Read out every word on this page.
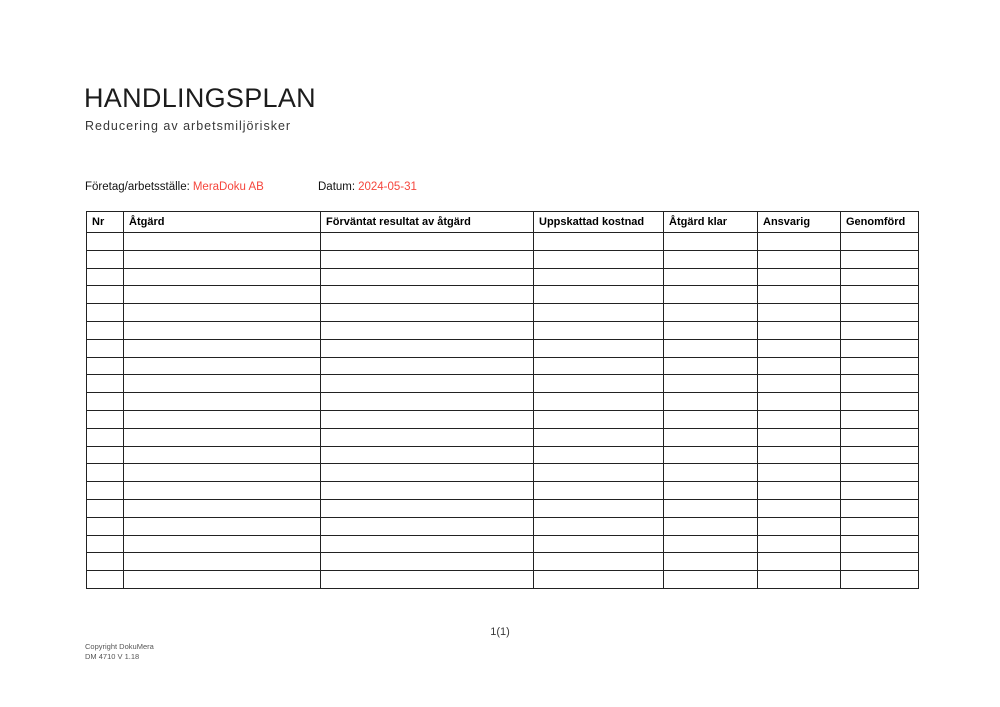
HANDLINGSPLAN
Reducering av arbetsmiljörisker
Företag/arbetsställe: MeraDoku AB	Datum: 2024-05-31
Nr	Åtgärd	Förväntat resultat av åtgärd	Uppskattad kostnad	Åtgärd klar	Ansvarig	Genomförd

1(1)
Copyright DokuMera
DM 4710 V 1.18
